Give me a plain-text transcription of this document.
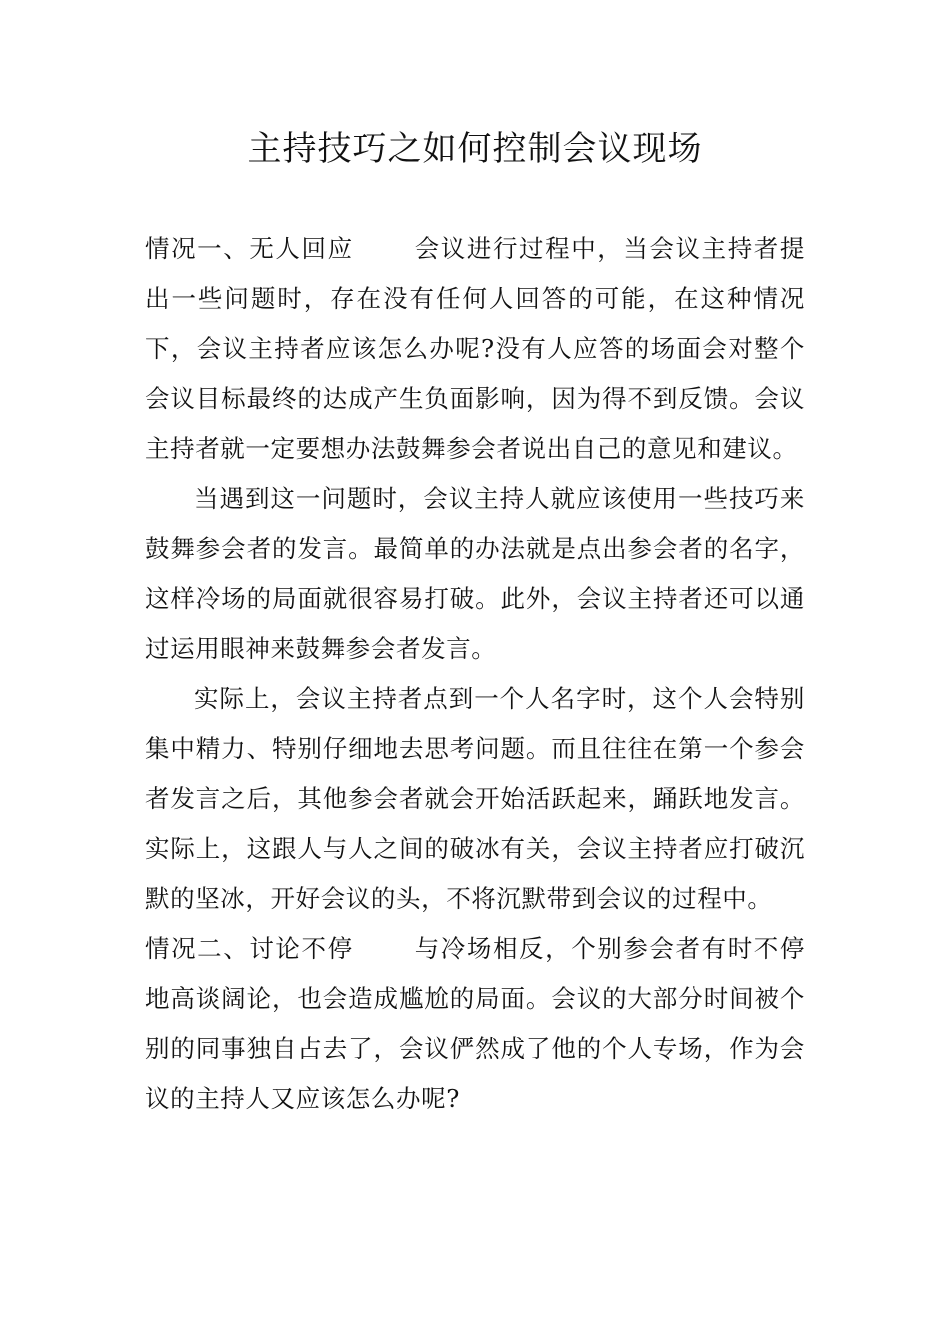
主持技巧之如何控制会议现场

情况一、无人回应 会议进行过程中，当会议主持者提出一些问题时，存在没有任何人回答的可能，在这种情况下，会议主持者应该怎么办呢?没有人应答的场面会对整个会议目标最终的达成产生负面影响，因为得不到反馈。会议主持者就一定要想办法鼓舞参会者说出自己的意见和建议。

当遇到这一问题时，会议主持人就应该使用一些技巧来鼓舞参会者的发言。最简单的办法就是点出参会者的名字，这样冷场的局面就很容易打破。此外，会议主持者还可以通过运用眼神来鼓舞参会者发言。

实际上，会议主持者点到一个人名字时，这个人会特别集中精力、特别仔细地去思考问题。而且往往在第一个参会者发言之后，其他参会者就会开始活跃起来，踊跃地发言。实际上，这跟人与人之间的破冰有关，会议主持者应打破沉默的坚冰，开好会议的头，不将沉默带到会议的过程中。

情况二、讨论不停 与冷场相反，个别参会者有时不停地高谈阔论，也会造成尴尬的局面。会议的大部分时间被个别的同事独自占去了，会议俨然成了他的个人专场，作为会议的主持人又应该怎么办呢?
